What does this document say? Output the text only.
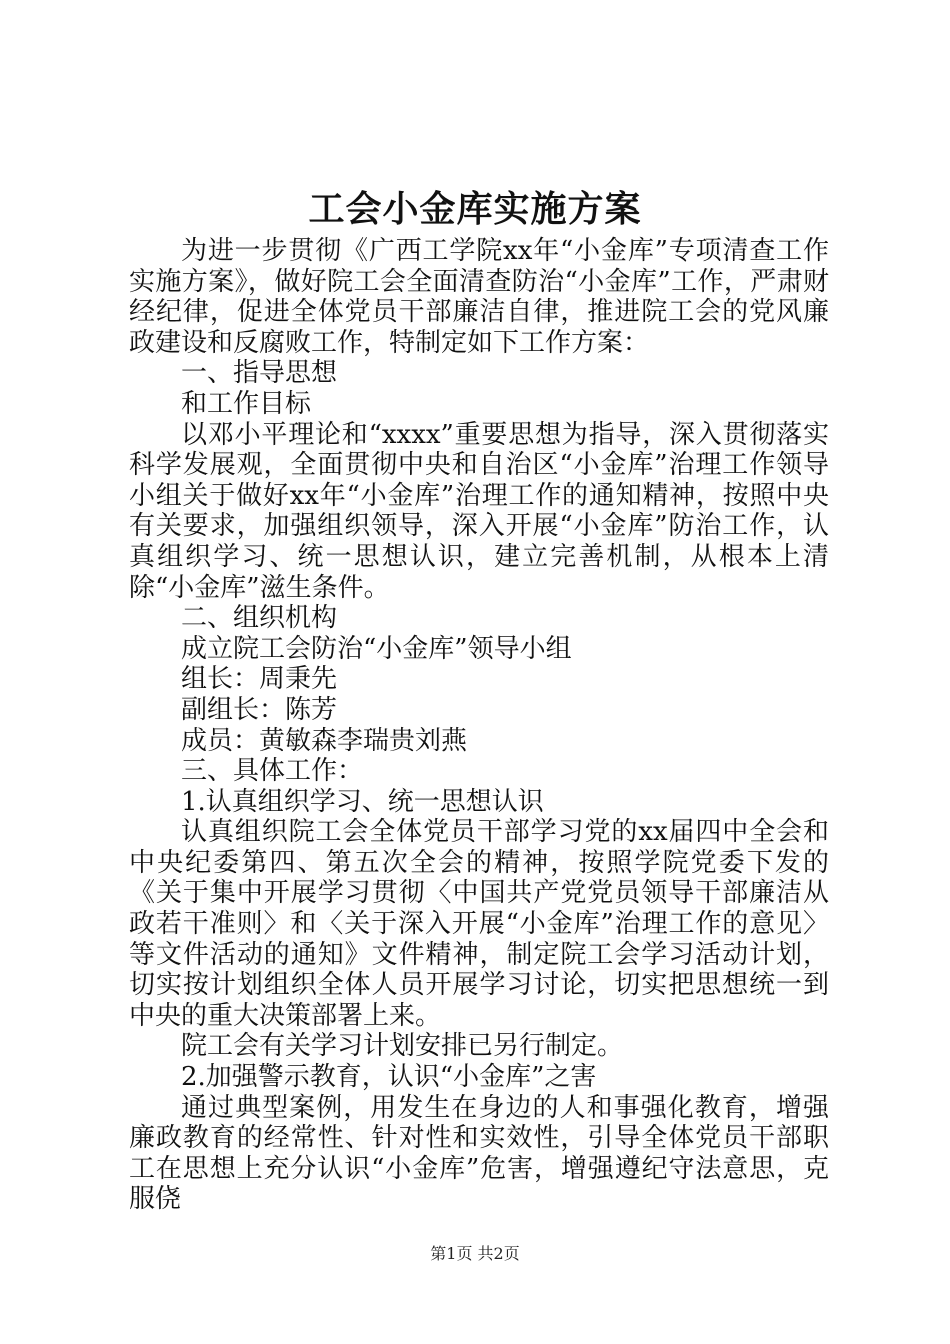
工会小金库实施方案

为进一步贯彻《广西工学院xx年“小金库”专项清查工作实施方案》，做好院工会全面清查防治“小金库”工作，严肃财经纪律，促进全体党员干部廉洁自律，推进院工会的党风廉政建设和反腐败工作，特制定如下工作方案：

一、指导思想

和工作目标

以邓小平理论和“xxxx”重要思想为指导，深入贯彻落实科学发展观，全面贯彻中央和自治区“小金库”治理工作领导小组关于做好xx年“小金库”治理工作的通知精神，按照中央有关要求，加强组织领导，深入开展“小金库”防治工作，认真组织学习、统一思想认识，建立完善机制，从根本上清除“小金库”滋生条件。

二、组织机构

成立院工会防治“小金库”领导小组

组长：周秉先

副组长：陈芳

成员：黄敏森李瑞贵刘燕

三、具体工作：

1.认真组织学习、统一思想认识

认真组织院工会全体党员干部学习党的xx届四中全会和中央纪委第四、第五次全会的精神，按照学院党委下发的《关于集中开展学习贯彻〈中国共产党党员领导干部廉洁从政若干准则〉和〈关于深入开展“小金库”治理工作的意见〉等文件活动的通知》文件精神，制定院工会学习活动计划，切实按计划组织全体人员开展学习讨论，切实把思想统一到中央的重大决策部署上来。

院工会有关学习计划安排已另行制定。

2.加强警示教育，认识“小金库”之害

通过典型案例，用发生在身边的人和事强化教育，增强廉政教育的经常性、针对性和实效性，引导全体党员干部职工在思想上充分认识“小金库”危害，增强遵纪守法意思，克服侥

第1页 共2页
